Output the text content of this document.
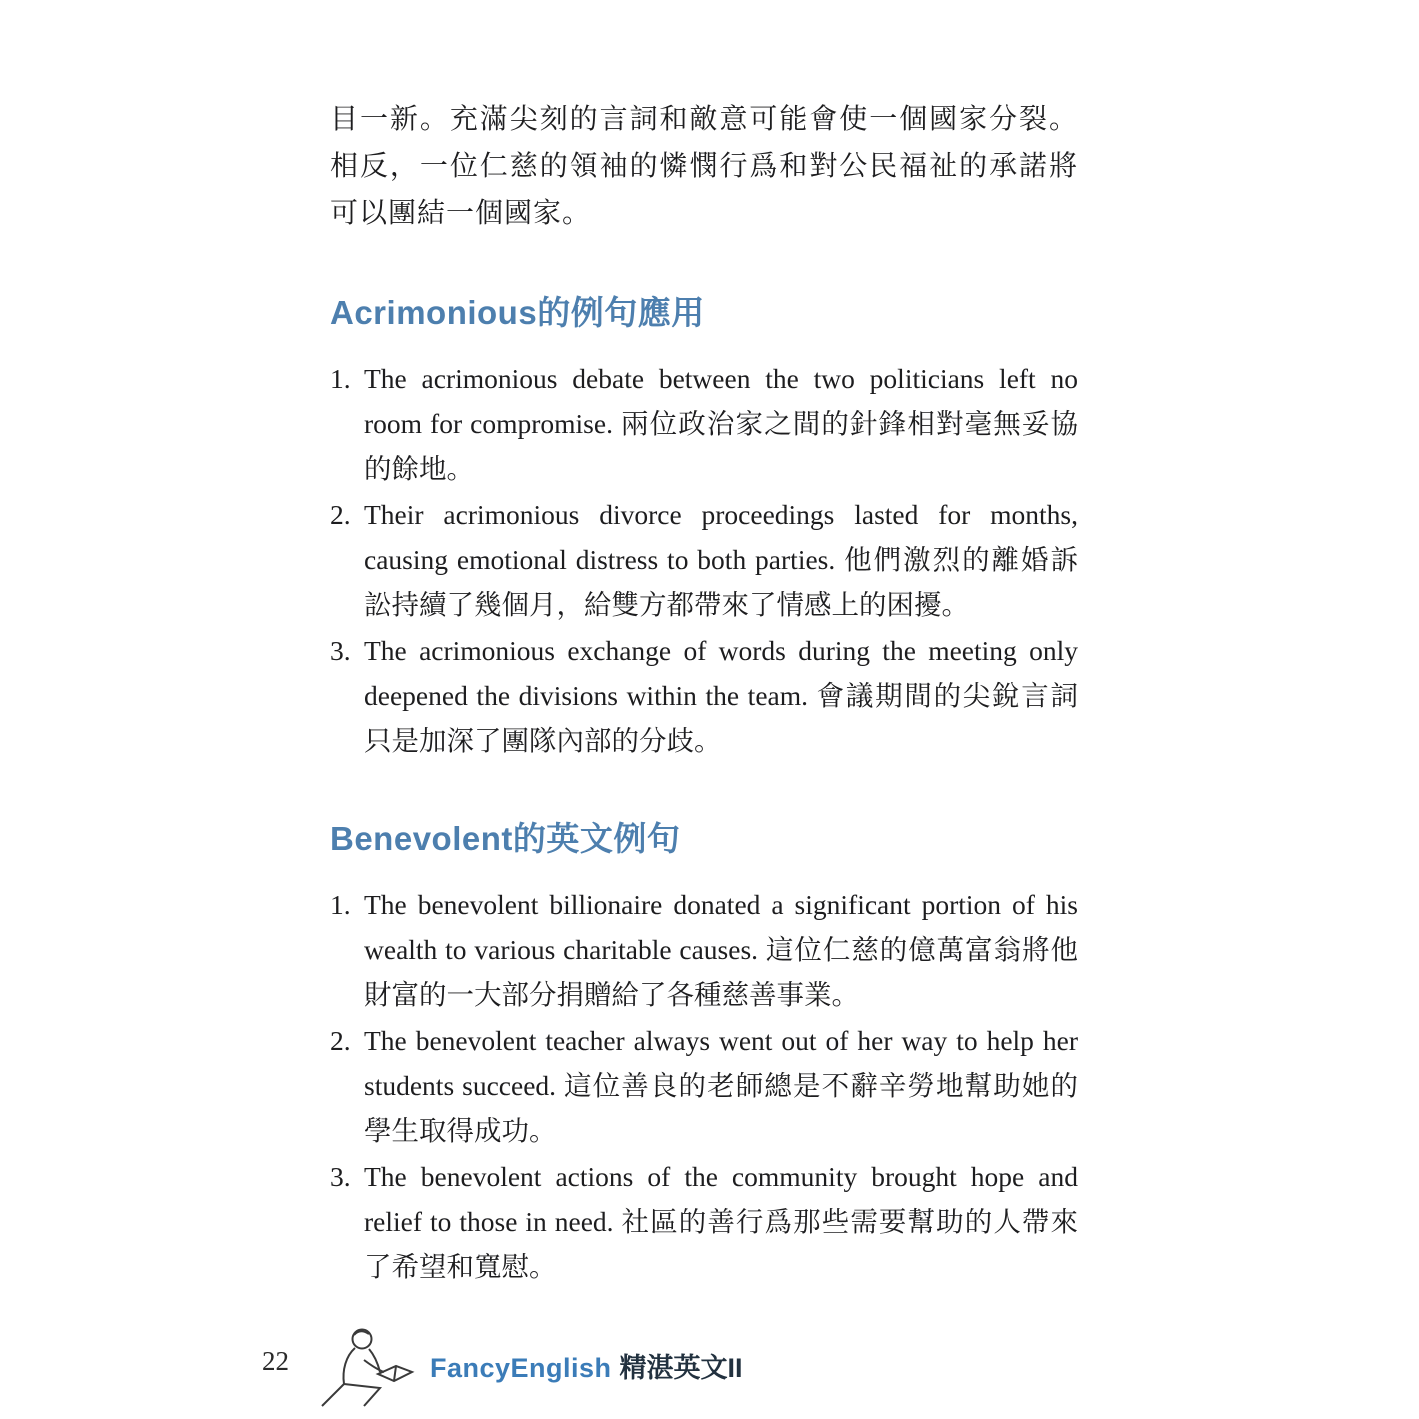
目一新。充滿尖刻的言詞和敵意可能會使一個國家分裂。相反，一位仁慈的領袖的憐憫行爲和對公民福祉的承諾將可以團結一個國家。

Acrimonious的例句應用
1. The acrimonious debate between the two politicians left no room for compromise. 兩位政治家之間的針鋒相對毫無妥協的餘地。
2. Their acrimonious divorce proceedings lasted for months, causing emotional distress to both parties. 他們激烈的離婚訴訟持續了幾個月，給雙方都帶來了情感上的困擾。
3. The acrimonious exchange of words during the meeting only deepened the divisions within the team. 會議期間的尖銳言詞只是加深了團隊內部的分歧。
Benevolent的英文例句
1. The benevolent billionaire donated a significant portion of his wealth to various charitable causes. 這位仁慈的億萬富翁將他財富的一大部分捐贈給了各種慈善事業。
2. The benevolent teacher always went out of her way to help her students succeed. 這位善良的老師總是不辭辛勞地幫助她的學生取得成功。
3. The benevolent actions of the community brought hope and relief to those in need. 社區的善行爲那些需要幫助的人帶來了希望和寬慰。
22	FancyEnglish 精湛英文II
